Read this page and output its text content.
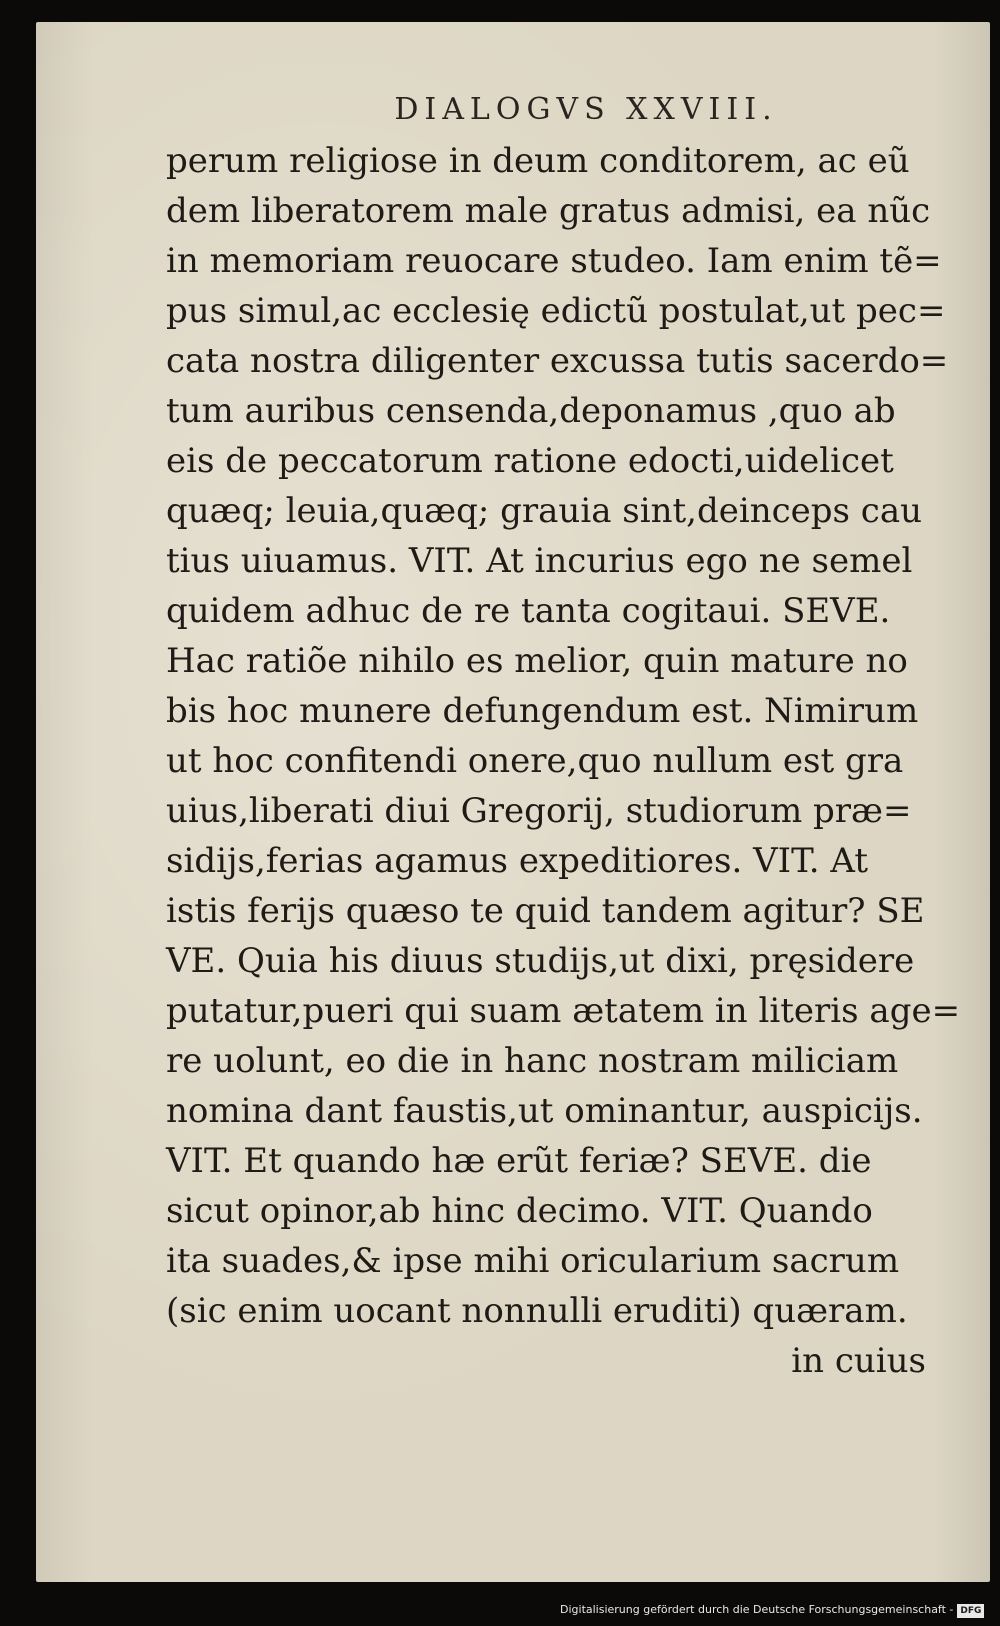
DIALOGVS XXVIII.
perum religiose in deum conditorem, ac eũ
dem liberatorem male gratus admisi, ea nũc
in memoriam reuocare studeo. Iam enim tẽ=
pus simul,ac ecclesię edictũ postulat,ut pec=
cata nostra diligenter excussa tutis sacerdo=
tum auribus censenda,deponamus ,quo ab
eis de peccatorum ratione edocti,uidelicet
quæq; leuia,quæq; grauia sint,deinceps cau
tius uiuamus. VIT. At incurius ego ne semel
quidem adhuc de re tanta cogitaui. SEVE.
Hac ratiõe nihilo es melior, quin mature no
bis hoc munere defungendum est. Nimirum
ut hoc confitendi onere,quo nullum est gra
uius,liberati diui Gregorij, studiorum præ=
sidijs,ferias agamus expeditiores. VIT. At
istis ferijs quæso te quid tandem agitur? SE
VE. Quia his diuus studijs,ut dixi, pręsidere
putatur,pueri qui suam ætatem in literis age=
re uolunt, eo die in hanc nostram miliciam
nomina dant faustis,ut ominantur, auspicijs.
VIT. Et quando hæ erũt feriæ? SEVE. die
sicut opinor,ab hinc decimo. VIT. Quando
ita suades,& ipse mihi oricularium sacrum
(sic enim uocant nonnulli eruditi) quæram.
in cuius
Digitalisierung gefördert durch die Deutsche Forschungsgemeinschaft - DFG
